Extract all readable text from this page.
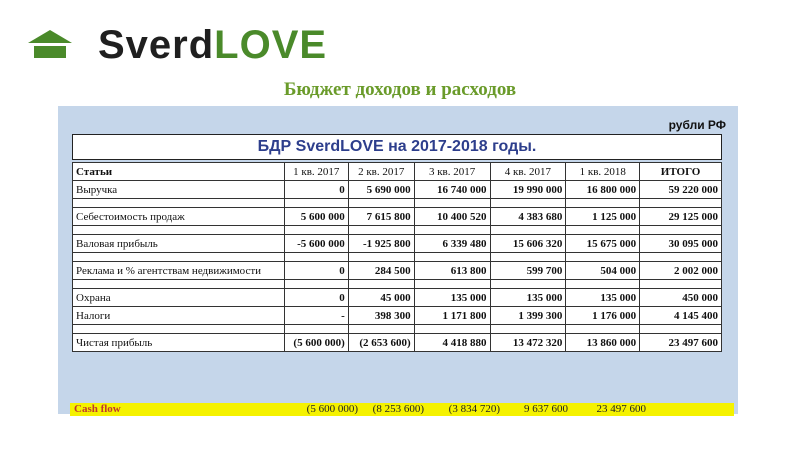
SverdLOVE
Бюджет доходов и расходов
рубли РФ
БДР SverdLOVE на 2017-2018 годы.
Статьи	1 кв. 2017	2 кв. 2017	3 кв. 2017	4 кв. 2017	1 кв. 2018	ИТОГО
Выручка	0	5 690 000	16 740 000	19 990 000	16 800 000	59 220 000

Себестоимость продаж	5 600 000	7 615 800	10 400 520	4 383 680	1 125 000	29 125 000

Валовая прибыль	-5 600 000	-1 925 800	6 339 480	15 606 320	15 675 000	30 095 000

Реклама и % агентствам недвижимости	0	284 500	613 800	599 700	504 000	2 002 000

Охрана	0	45 000	135 000	135 000	135 000	450 000
Налоги	-	398 300	1 171 800	1 399 300	1 176 000	4 145 400

Чистая прибыль	(5 600 000)	(2 653 600)	4 418 880	13 472 320	13 860 000	23 497 600
Cash flow	(5 600 000)	(8 253 600)	(3 834 720)	9 637 600	23 497 600
